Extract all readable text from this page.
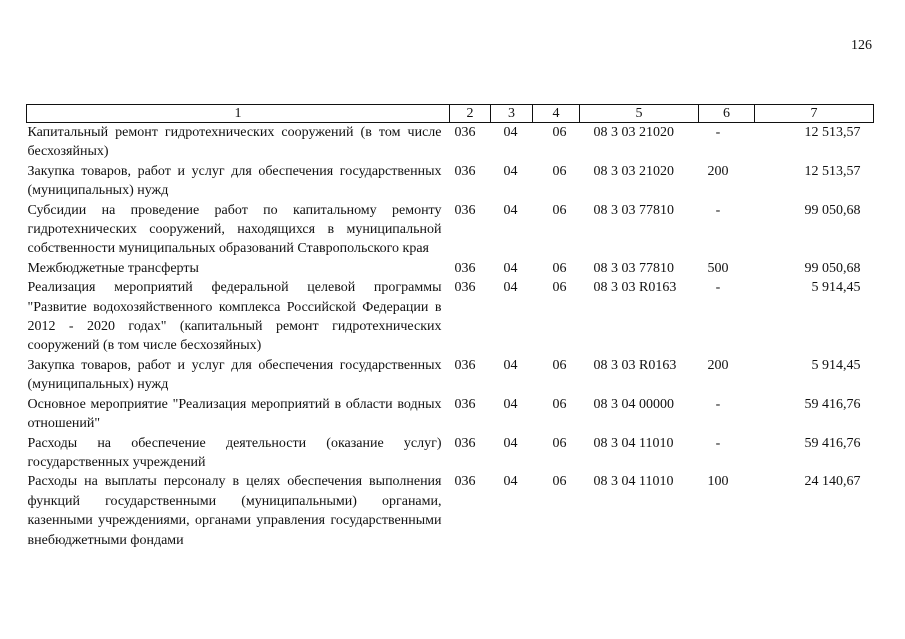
126
1	2	3	4	5	6	7
Капитальный ремонт гидротехнических сооружений (в том числе бесхозяйных)	036	04	06	08 3 03 21020	-	12 513,57
Закупка товаров, работ и услуг для обеспечения государственных (муниципальных) нужд	036	04	06	08 3 03 21020	200	12 513,57
Субсидии на проведение работ по капитальному ремонту гидротехнических сооружений, находящихся в муниципальной собственности муниципальных образований Ставропольского края	036	04	06	08 3 03 77810	-	99 050,68
Межбюджетные трансферты	036	04	06	08 3 03 77810	500	99 050,68
Реализация мероприятий федеральной целевой программы "Развитие водохозяйственного комплекса Российской Федерации в 2012 - 2020 годах" (капитальный ремонт гидротехнических сооружений (в том числе бесхозяйных)	036	04	06	08 3 03 R0163	-	5 914,45
Закупка товаров, работ и услуг для обеспечения государственных (муниципальных) нужд	036	04	06	08 3 03 R0163	200	5 914,45
Основное мероприятие "Реализация мероприятий в области водных отношений"	036	04	06	08 3 04 00000	-	59 416,76
Расходы на обеспечение деятельности (оказание услуг) государственных учреждений	036	04	06	08 3 04 11010	-	59 416,76
Расходы на выплаты персоналу в целях обеспечения выполнения функций государственными (муниципальными) органами, казенными учреждениями, органами управления государственными внебюджетными фондами	036	04	06	08 3 04 11010	100	24 140,67
